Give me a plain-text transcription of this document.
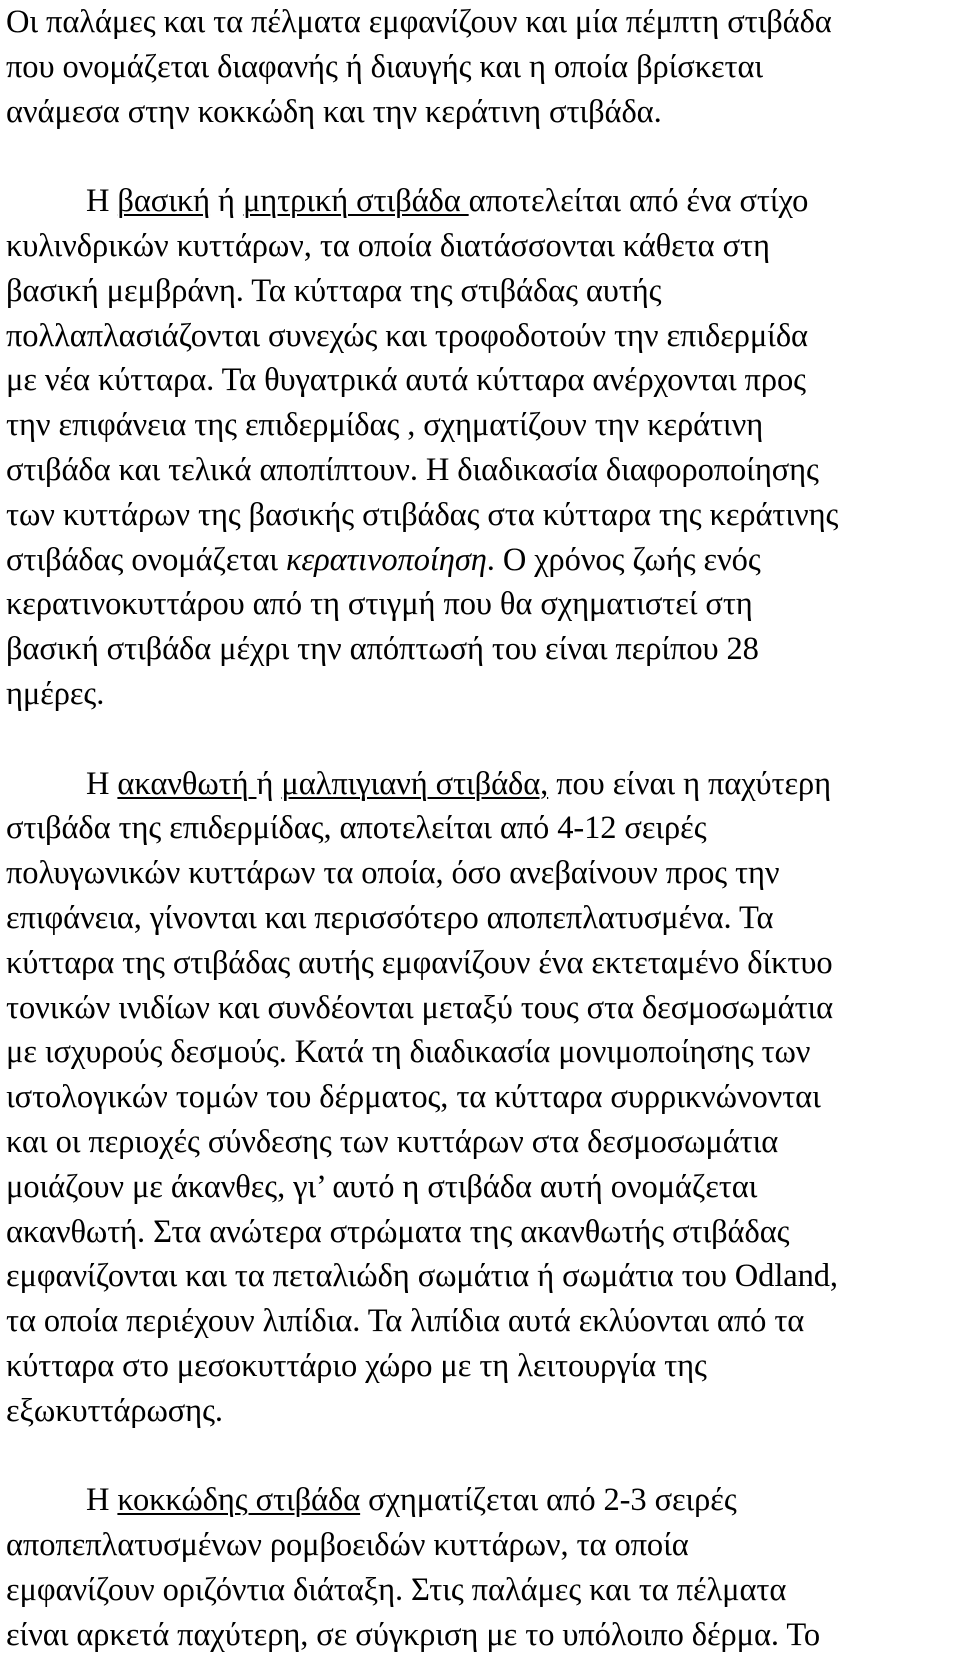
Οι παλάμες και τα πέλματα εμφανίζουν και μία πέμπτη στιβάδα
που ονομάζεται διαφανής ή διαυγής και η οποία βρίσκεται
ανάμεσα στην κοκκώδη και την κεράτινη στιβάδα.
Η βασική ή μητρική στιβάδα αποτελείται από ένα στίχο
κυλινδρικών κυττάρων, τα οποία διατάσσονται κάθετα στη
βασική μεμβράνη. Τα κύτταρα της στιβάδας αυτής
πολλαπλασιάζονται συνεχώς και τροφοδοτούν την επιδερμίδα
με νέα κύτταρα. Τα θυγατρικά αυτά κύτταρα ανέρχονται προς
την επιφάνεια της επιδερμίδας , σχηματίζουν την κεράτινη
στιβάδα και τελικά αποπίπτουν. Η διαδικασία διαφοροποίησης
των κυττάρων της βασικής στιβάδας στα κύτταρα της κεράτινης
στιβάδας ονομάζεται κερατινοποίηση. Ο χρόνος ζωής ενός
κερατινοκυττάρου από τη στιγμή που θα σχηματιστεί στη
βασική στιβάδα μέχρι την απόπτωσή του είναι περίπου 28
ημέρες.
Η ακανθωτή ή μαλπιγιανή στιβάδα, που είναι η παχύτερη
στιβάδα της επιδερμίδας, αποτελείται από 4-12 σειρές
πολυγωνικών κυττάρων τα οποία, όσο ανεβαίνουν προς την
επιφάνεια, γίνονται και περισσότερο αποπεπλατυσμένα. Τα
κύτταρα της στιβάδας αυτής εμφανίζουν ένα εκτεταμένο δίκτυο
τονικών ινιδίων και συνδέονται μεταξύ τους στα δεσμοσωμάτια
με ισχυρούς δεσμούς. Κατά τη διαδικασία μονιμοποίησης των
ιστολογικών τομών του δέρματος, τα κύτταρα συρρικνώνονται
και οι περιοχές σύνδεσης των κυττάρων στα δεσμοσωμάτια
μοιάζουν με άκανθες, γι’ αυτό η στιβάδα αυτή ονομάζεται
ακανθωτή. Στα ανώτερα στρώματα της ακανθωτής στιβάδας
εμφανίζονται και τα πεταλιώδη σωμάτια ή σωμάτια του Odland,
τα οποία περιέχουν λιπίδια. Τα λιπίδια αυτά εκλύονται από τα
κύτταρα στο μεσοκυττάριο χώρο με τη λειτουργία της
εξωκυττάρωσης.
Η κοκκώδης στιβάδα σχηματίζεται από 2-3 σειρές
αποπεπλατυσμένων ρομβοειδών κυττάρων, τα οποία
εμφανίζουν οριζόντια διάταξη. Στις παλάμες και τα πέλματα
είναι αρκετά παχύτερη, σε σύγκριση με το υπόλοιπο δέρμα. Το
